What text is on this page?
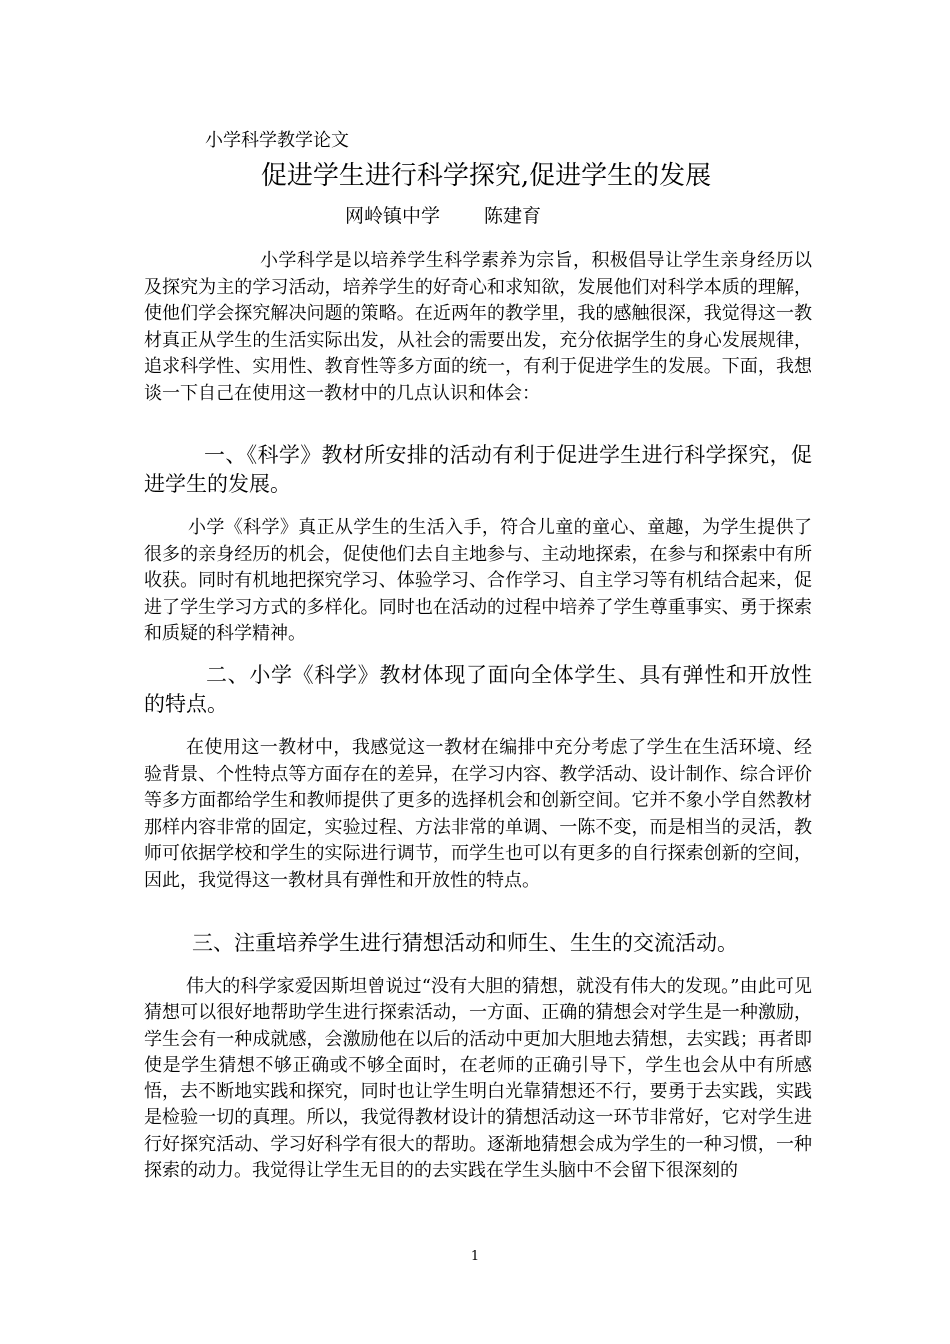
小学科学教学论文
促进学生进行科学探究,促进学生的发展
网岭镇中学 陈建育

小学科学是以培养学生科学素养为宗旨，积极倡导让学生亲身经历以及探究为主的学习活动，培养学生的好奇心和求知欲，发展他们对科学本质的理解，使他们学会探究解决问题的策略。在近两年的教学里，我的感触很深，我觉得这一教材真正从学生的生活实际出发，从社会的需要出发，充分依据学生的身心发展规律，追求科学性、实用性、教育性等多方面的统一，有利于促进学生的发展。下面，我想谈一下自己在使用这一教材中的几点认识和体会：

一、《科学》教材所安排的活动有利于促进学生进行科学探究，促进学生的发展。

小学《科学》真正从学生的生活入手，符合儿童的童心、童趣，为学生提供了很多的亲身经历的机会，促使他们去自主地参与、主动地探索，在参与和探索中有所收获。同时有机地把探究学习、体验学习、合作学习、自主学习等有机结合起来，促进了学生学习方式的多样化。同时也在活动的过程中培养了学生尊重事实、勇于探索和质疑的科学精神。

二、小学《科学》教材体现了面向全体学生、具有弹性和开放性的特点。

在使用这一教材中，我感觉这一教材在编排中充分考虑了学生在生活环境、经验背景、个性特点等方面存在的差异，在学习内容、教学活动、设计制作、综合评价等多方面都给学生和教师提供了更多的选择机会和创新空间。它并不象小学自然教材那样内容非常的固定，实验过程、方法非常的单调、一陈不变，而是相当的灵活，教师可依据学校和学生的实际进行调节，而学生也可以有更多的自行探索创新的空间，因此，我觉得这一教材具有弹性和开放性的特点。

三、注重培养学生进行猜想活动和师生、生生的交流活动。

伟大的科学家爱因斯坦曾说过“没有大胆的猜想，就没有伟大的发现。”由此可见猜想可以很好地帮助学生进行探索活动，一方面、正确的猜想会对学生是一种激励，学生会有一种成就感，会激励他在以后的活动中更加大胆地去猜想，去实践；再者即使是学生猜想不够正确或不够全面时，在老师的正确引导下，学生也会从中有所感悟，去不断地实践和探究，同时也让学生明白光靠猜想还不行，要勇于去实践，实践是检验一切的真理。所以，我觉得教材设计的猜想活动这一环节非常好，它对学生进行好探究活动、学习好科学有很大的帮助。逐渐地猜想会成为学生的一种习惯，一种探索的动力。我觉得让学生无目的的去实践在学生头脑中不会留下很深刻的

1
